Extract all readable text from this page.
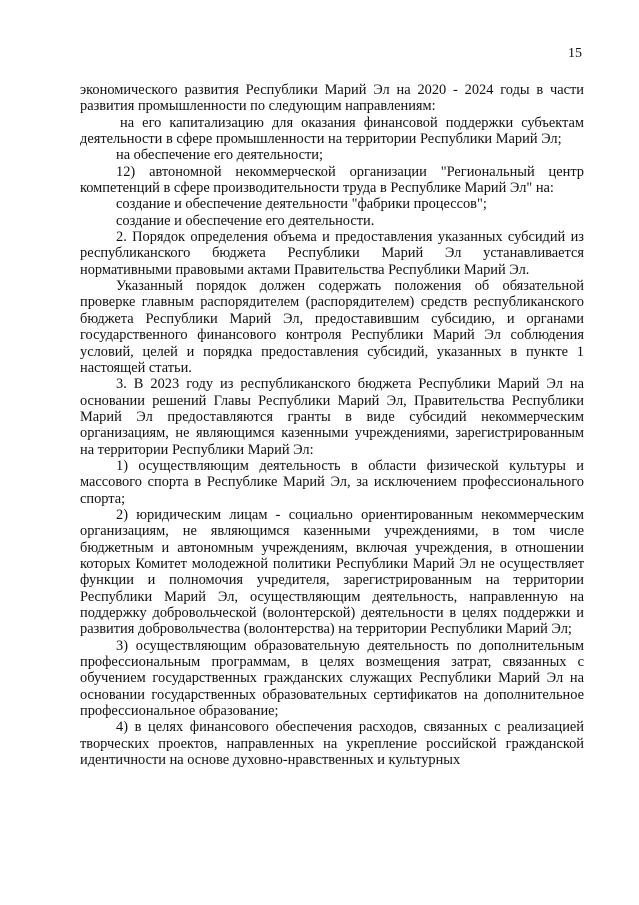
15

экономического развития Республики Марий Эл на 2020 - 2024 годы в части развития промышленности по следующим направлениям:

на его капитализацию для оказания финансовой поддержки субъектам деятельности в сфере промышленности на территории Республики Марий Эл;

на обеспечение его деятельности;

12) автономной некоммерческой организации "Региональный центр компетенций в сфере производительности труда в Республике Марий Эл" на:

создание и обеспечение деятельности "фабрики процессов";

создание и обеспечение его деятельности.

2. Порядок определения объема и предоставления указанных субсидий из республиканского бюджета Республики Марий Эл устанавливается нормативными правовыми актами Правительства Республики Марий Эл.

Указанный порядок должен содержать положения об обязательной проверке главным распорядителем (распорядителем) средств республиканского бюджета Республики Марий Эл, предоставившим субсидию, и органами государственного финансового контроля Республики Марий Эл соблюдения условий, целей и порядка предоставления субсидий, указанных в пункте 1 настоящей статьи.

3. В 2023 году из республиканского бюджета Республики Марий Эл на основании решений Главы Республики Марий Эл, Правительства Республики Марий Эл предоставляются гранты в виде субсидий некоммерческим организациям, не являющимся казенными учреждениями, зарегистрированным на территории Республики Марий Эл:

1) осуществляющим деятельность в области физической культуры и массового спорта в Республике Марий Эл, за исключением профессионального спорта;

2) юридическим лицам - социально ориентированным некоммерческим организациям, не являющимся казенными учреждениями, в том числе бюджетным и автономным учреждениям, включая учреждения, в отношении которых Комитет молодежной политики Республики Марий Эл не осуществляет функции и полномочия учредителя, зарегистрированным на территории Республики Марий Эл, осуществляющим деятельность, направленную на поддержку добровольческой (волонтерской) деятельности в целях поддержки и развития добровольчества (волонтерства) на территории Республики Марий Эл;

3) осуществляющим образовательную деятельность по дополнительным профессиональным программам, в целях возмещения затрат, связанных с обучением государственных гражданских служащих Республики Марий Эл на основании государственных образовательных сертификатов на дополнительное профессиональное образование;

4) в целях финансового обеспечения расходов, связанных с реализацией творческих проектов, направленных на укрепление российской гражданской идентичности на основе духовно-нравственных и культурных
